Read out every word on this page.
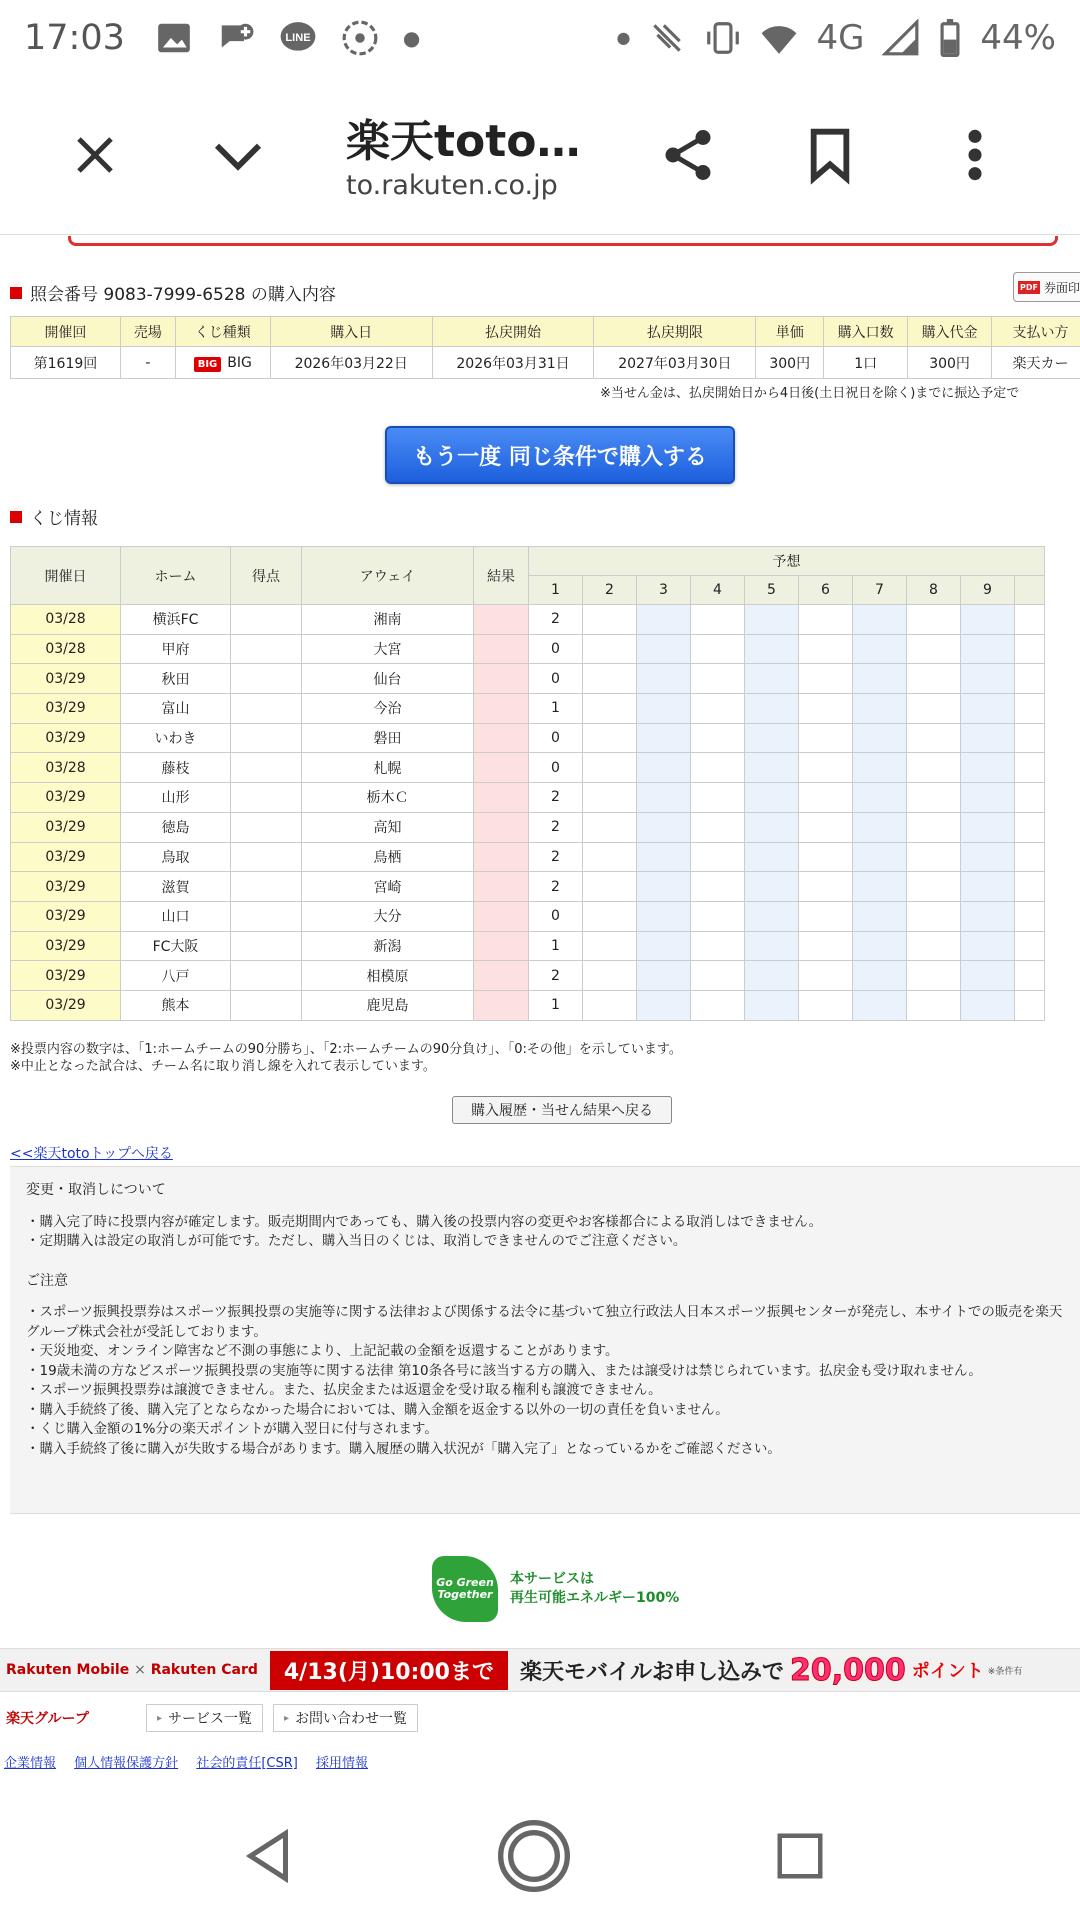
17:03	LINE	●	●	4G	44%
楽天toto…
to.rakuten.co.jp
照会番号 9083-7999-6528 の購入内容	PDF 券面印
開催回	売場	くじ種類	購入日	払戻開始	払戻期限	単価	購入口数	購入代金	支払い方
第1619回	-	BIG BIG	2026年03月22日	2026年03月31日	2027年03月30日	300円	1口	300円	楽天カー
※当せん金は、払戻開始日から4日後(土日祝日を除く)までに振込予定で
もう一度 同じ条件で購入する
くじ情報
開催日	ホーム	得点	アウェイ	結果	予想									
					1	2	3	4	5	6	7	8	9	
03/28	横浜FC		湘南		2									
03/28	甲府		大宮		0									
03/29	秋田		仙台		0									
03/29	富山		今治		1									
03/29	いわき		磐田		0									
03/28	藤枝		札幌		0									
03/29	山形		栃木Ｃ		2									
03/29	徳島		高知		2									
03/29	鳥取		鳥栖		2									
03/29	滋賀		宮崎		2									
03/29	山口		大分		0									
03/29	FC大阪		新潟		1									
03/29	八戸		相模原		2									
03/29	熊本		鹿児島		1									
※投票内容の数字は、「1:ホームチームの90分勝ち」、「2:ホームチームの90分負け」、「0:その他」を示しています。
※中止となった試合は、チーム名に取り消し線を入れて表示しています。
購入履歴・当せん結果へ戻る
<<楽天totoトップへ戻る
変更・取消しについて
・購入完了時に投票内容が確定します。販売期間内であっても、購入後の投票内容の変更やお客様都合による取消しはできません。
・定期購入は設定の取消しが可能です。ただし、購入当日のくじは、取消しできませんのでご注意ください。
ご注意
・スポーツ振興投票券はスポーツ振興投票の実施等に関する法律および関係する法令に基づいて独立行政法人日本スポーツ振興センターが発売し、本サイトでの販売を楽天グループ株式会社が受託しております。
・天災地変、オンライン障害など不測の事態により、上記記載の金額を返還することがあります。
・19歳未満の方などスポーツ振興投票の実施等に関する法律 第10条各号に該当する方の購入、または譲受けは禁じられています。払戻金も受け取れません。
・スポーツ振興投票券は譲渡できません。また、払戻金または返還金を受け取る権利も譲渡できません。
・購入手続終了後、購入完了とならなかった場合においては、購入金額を返金する以外の一切の責任を負いません。
・くじ購入金額の1%分の楽天ポイントが購入翌日に付与されます。
・購入手続終了後に購入が失敗する場合があります。購入履歴の購入状況が「購入完了」となっているかをご確認ください。
Go Green Together
本サービスは
再生可能エネルギー100%
Rakuten Mobile × Rakuten Card	4/13(月)10:00まで	楽天モバイルお申し込みで 20,000 ポイント ※条件有
楽天グループ	▸ サービス一覧	▸ お問い合わせ一覧
企業情報 個人情報保護方針 社会的責任[CSR] 採用情報
